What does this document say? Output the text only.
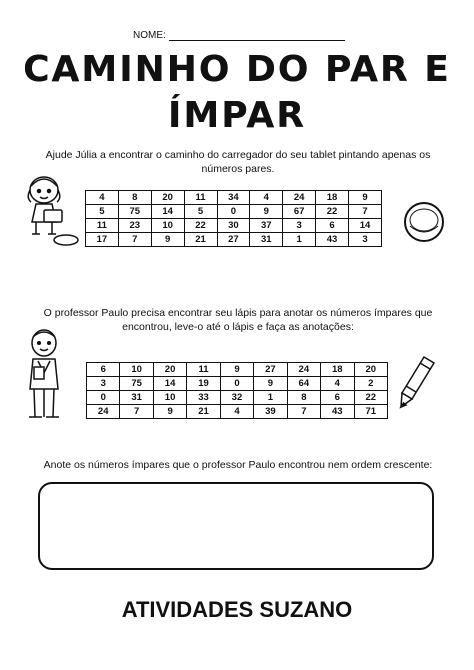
NOME:
CAMINHO DO PAR E
ÍMPAR
Ajude Júlia a encontrar o caminho do carregador do seu tablet pintando apenas os números pares.
4	8	20	11	34	4	24	18	9
5	75	14	5	0	9	67	22	7
11	23	10	22	30	37	3	6	14
17	7	9	21	27	31	1	43	3
O professor Paulo precisa encontrar seu lápis para anotar os números ímpares que encontrou, leve-o até o lápis e faça as anotações:
6	10	20	11	9	27	24	18	20
3	75	14	19	0	9	64	4	2
0	31	10	33	32	1	8	6	22
24	7	9	21	4	39	7	43	71
Anote os números ímpares que o professor Paulo encontrou nem ordem crescente:
ATIVIDADES SUZANO
